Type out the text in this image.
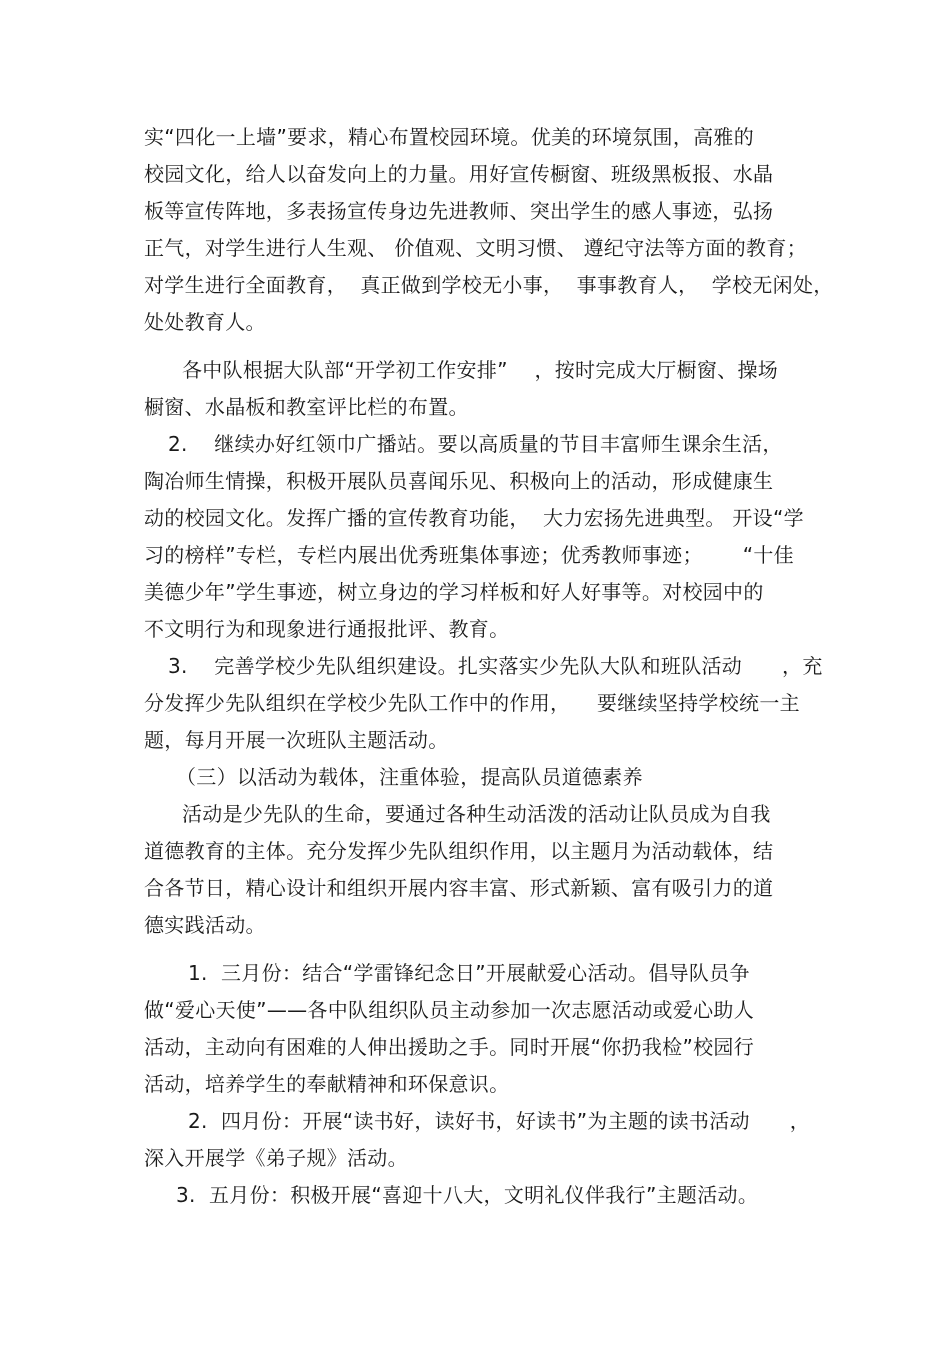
实“四化一上墙”要求，精心布置校园环境。优美的环境氛围，高雅的
校园文化，给人以奋发向上的力量。用好宣传橱窗、班级黑板报、水晶
板等宣传阵地，多表扬宣传身边先进教师、突出学生的感人事迹，弘扬
正气，对学生进行人生观、 价值观、文明习惯、 遵纪守法等方面的教育；
对学生进行全面教育，  真正做到学校无小事，  事事教育人，  学校无闲处，
处处教育人。
各中队根据大队部“开学初工作安排”    ，按时完成大厅橱窗、操场
橱窗、水晶板和教室评比栏的布置。
2.    继续办好红领巾广播站。要以高质量的节目丰富师生课余生活，
陶冶师生情操，积极开展队员喜闻乐见、积极向上的活动，形成健康生
动的校园文化。发挥广播的宣传教育功能，  大力宏扬先进典型。 开设“学
习的榜样”专栏，专栏内展出优秀班集体事迹；优秀教师事迹；      “十佳
美德少年”学生事迹，树立身边的学习样板和好人好事等。对校园中的
不文明行为和现象进行通报批评、教育。
3.    完善学校少先队组织建设。扎实落实少先队大队和班队活动      ，充
分发挥少先队组织在学校少先队工作中的作用，    要继续坚持学校统一主
题，每月开展一次班队主题活动。
（三）以活动为载体，注重体验，提高队员道德素养
活动是少先队的生命，要通过各种生动活泼的活动让队员成为自我
道德教育的主体。充分发挥少先队组织作用，以主题月为活动载体，结
合各节日，精心设计和组织开展内容丰富、形式新颖、富有吸引力的道
德实践活动。
1.  三月份：结合“学雷锋纪念日”开展献爱心活动。倡导队员争
做“爱心天使”——各中队组织队员主动参加一次志愿活动或爱心助人
活动，主动向有困难的人伸出援助之手。同时开展“你扔我检”校园行
活动，培养学生的奉献精神和环保意识。
2.  四月份：开展“读书好，读好书，好读书”为主题的读书活动      ，
深入开展学《弟子规》活动。
3.  五月份：积极开展“喜迎十八大，文明礼仪伴我行”主题活动。
